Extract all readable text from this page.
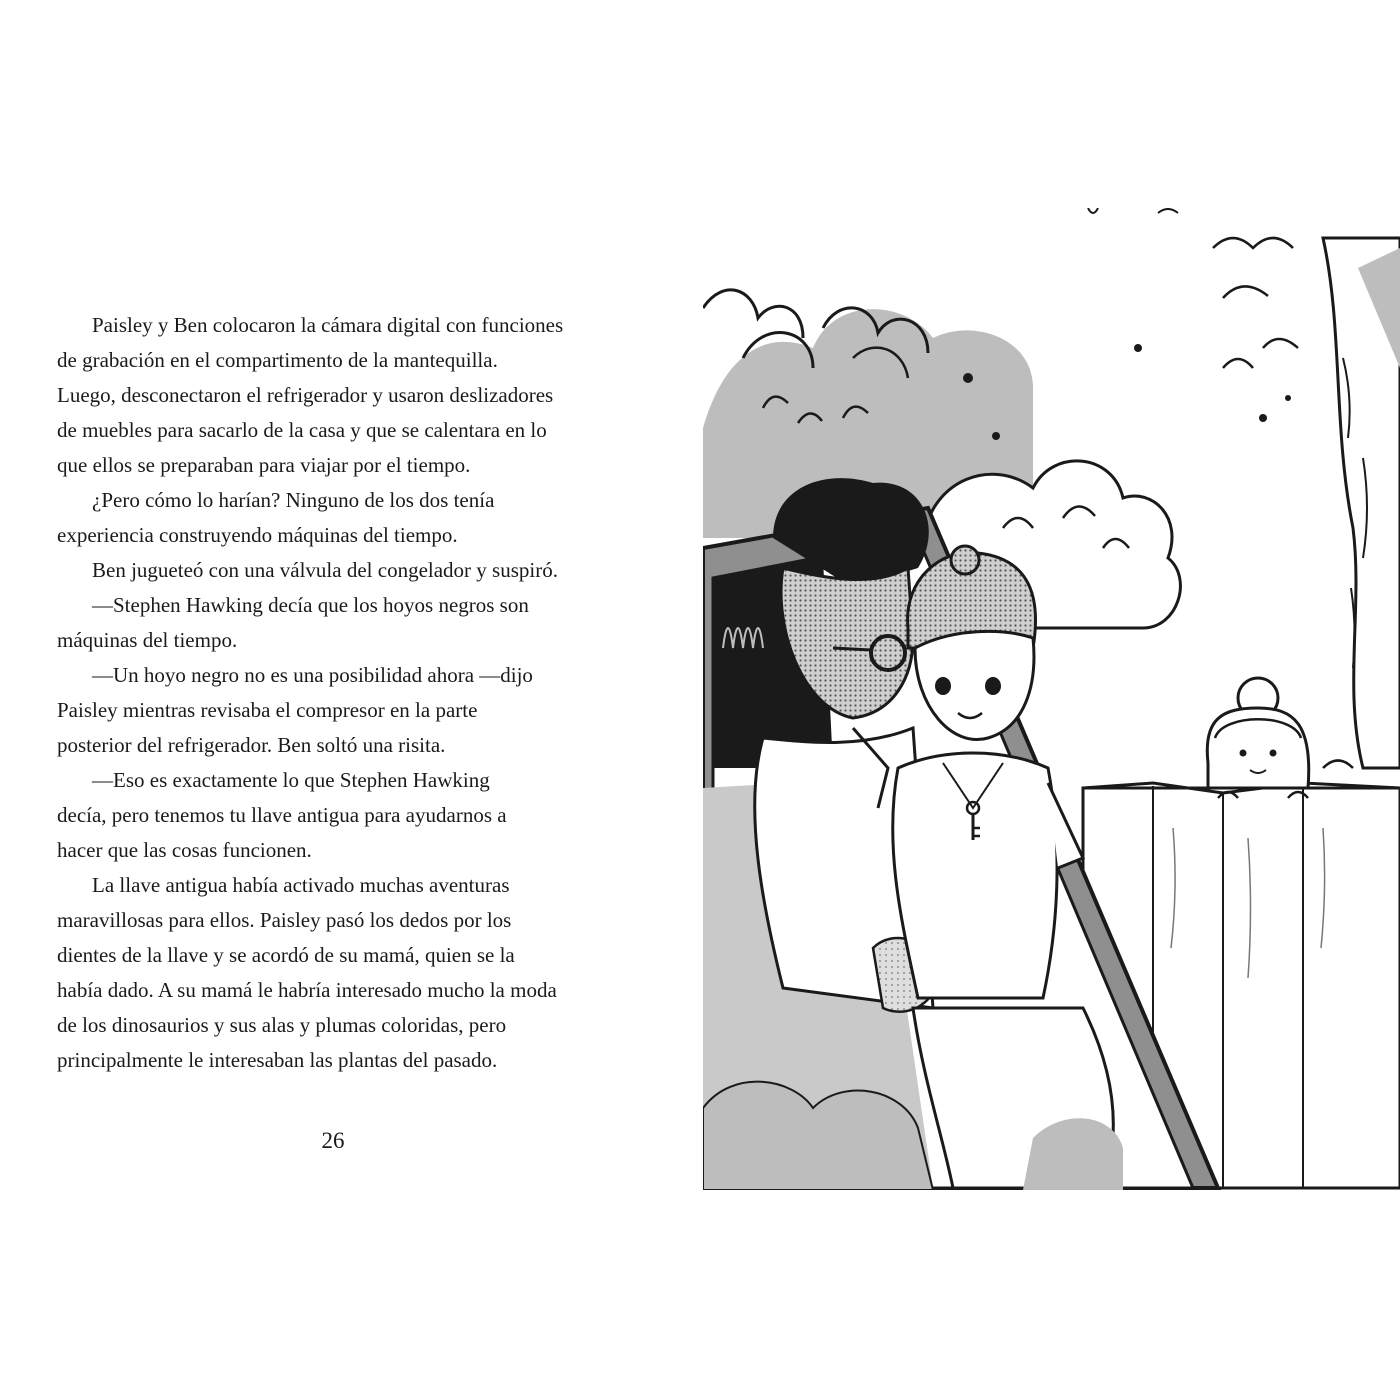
Paisley y Ben colocaron la cámara digital con funciones
de grabación en el compartimento de la mantequilla.
Luego, desconectaron el refrigerador y usaron deslizadores
de muebles para sacarlo de la casa y que se calentara en lo
que ellos se preparaban para viajar por el tiempo.
¿Pero cómo lo harían? Ninguno de los dos tenía
experiencia construyendo máquinas del tiempo.
Ben jugueteó con una válvula del congelador y suspiró.
—Stephen Hawking decía que los hoyos negros son
máquinas del tiempo.
—Un hoyo negro no es una posibilidad ahora —dijo
Paisley mientras revisaba el compresor en la parte
posterior del refrigerador. Ben soltó una risita.
—Eso es exactamente lo que Stephen Hawking
decía, pero tenemos tu llave antigua para ayudarnos a
hacer que las cosas funcionen.
La llave antigua había activado muchas aventuras
maravillosas para ellos. Paisley pasó los dedos por los
dientes de la llave y se acordó de su mamá, quien se la
había dado. A su mamá le habría interesado mucho la moda
de los dinosaurios y sus alas y plumas coloridas, pero
principalmente le interesaban las plantas del pasado.
26
